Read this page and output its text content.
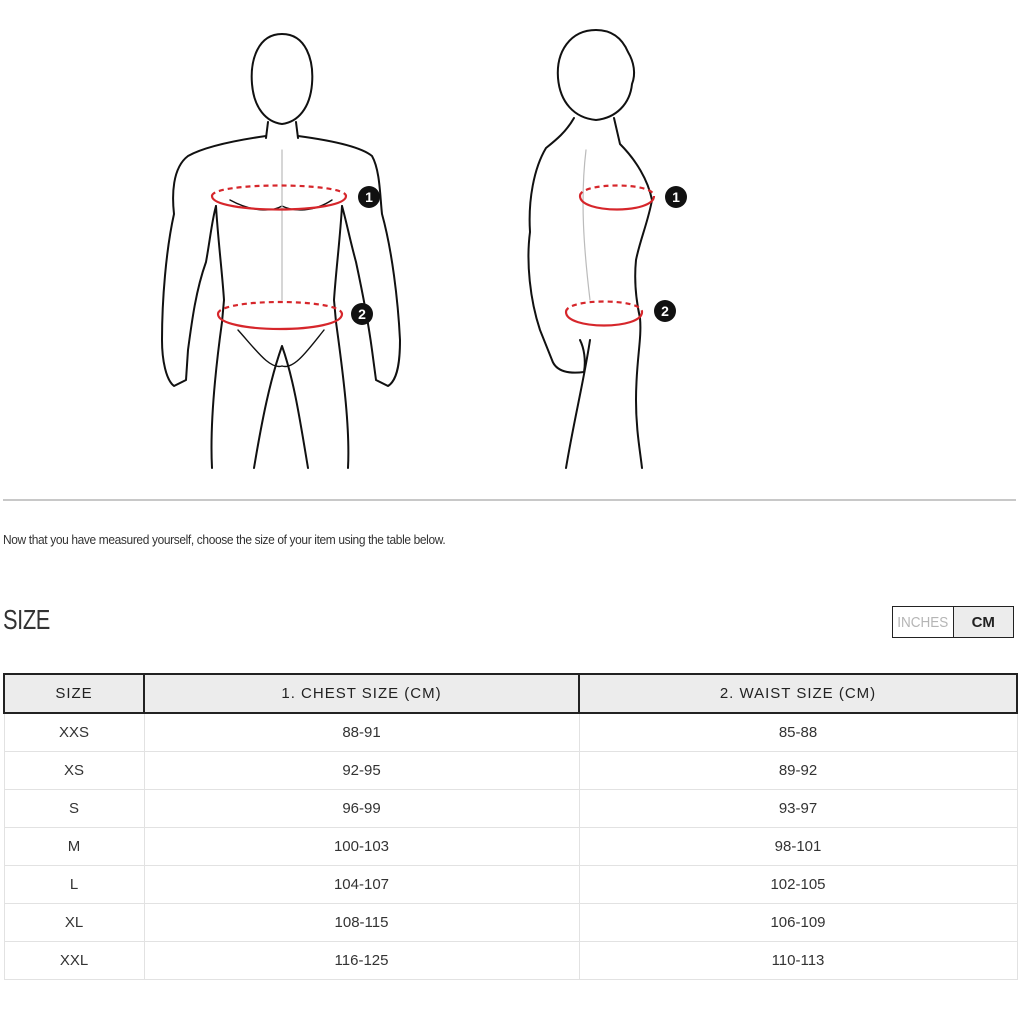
1
2
1
2
Now that you have measured yourself, choose the size of your item using the table below.
SIZE	INCHES	CM
SIZE	1. CHEST SIZE (CM)	2. WAIST SIZE (CM)
XXS	88-91	85-88
XS	92-95	89-92
S	96-99	93-97
M	100-103	98-101
L	104-107	102-105
XL	108-115	106-109
XXL	116-125	110-113
